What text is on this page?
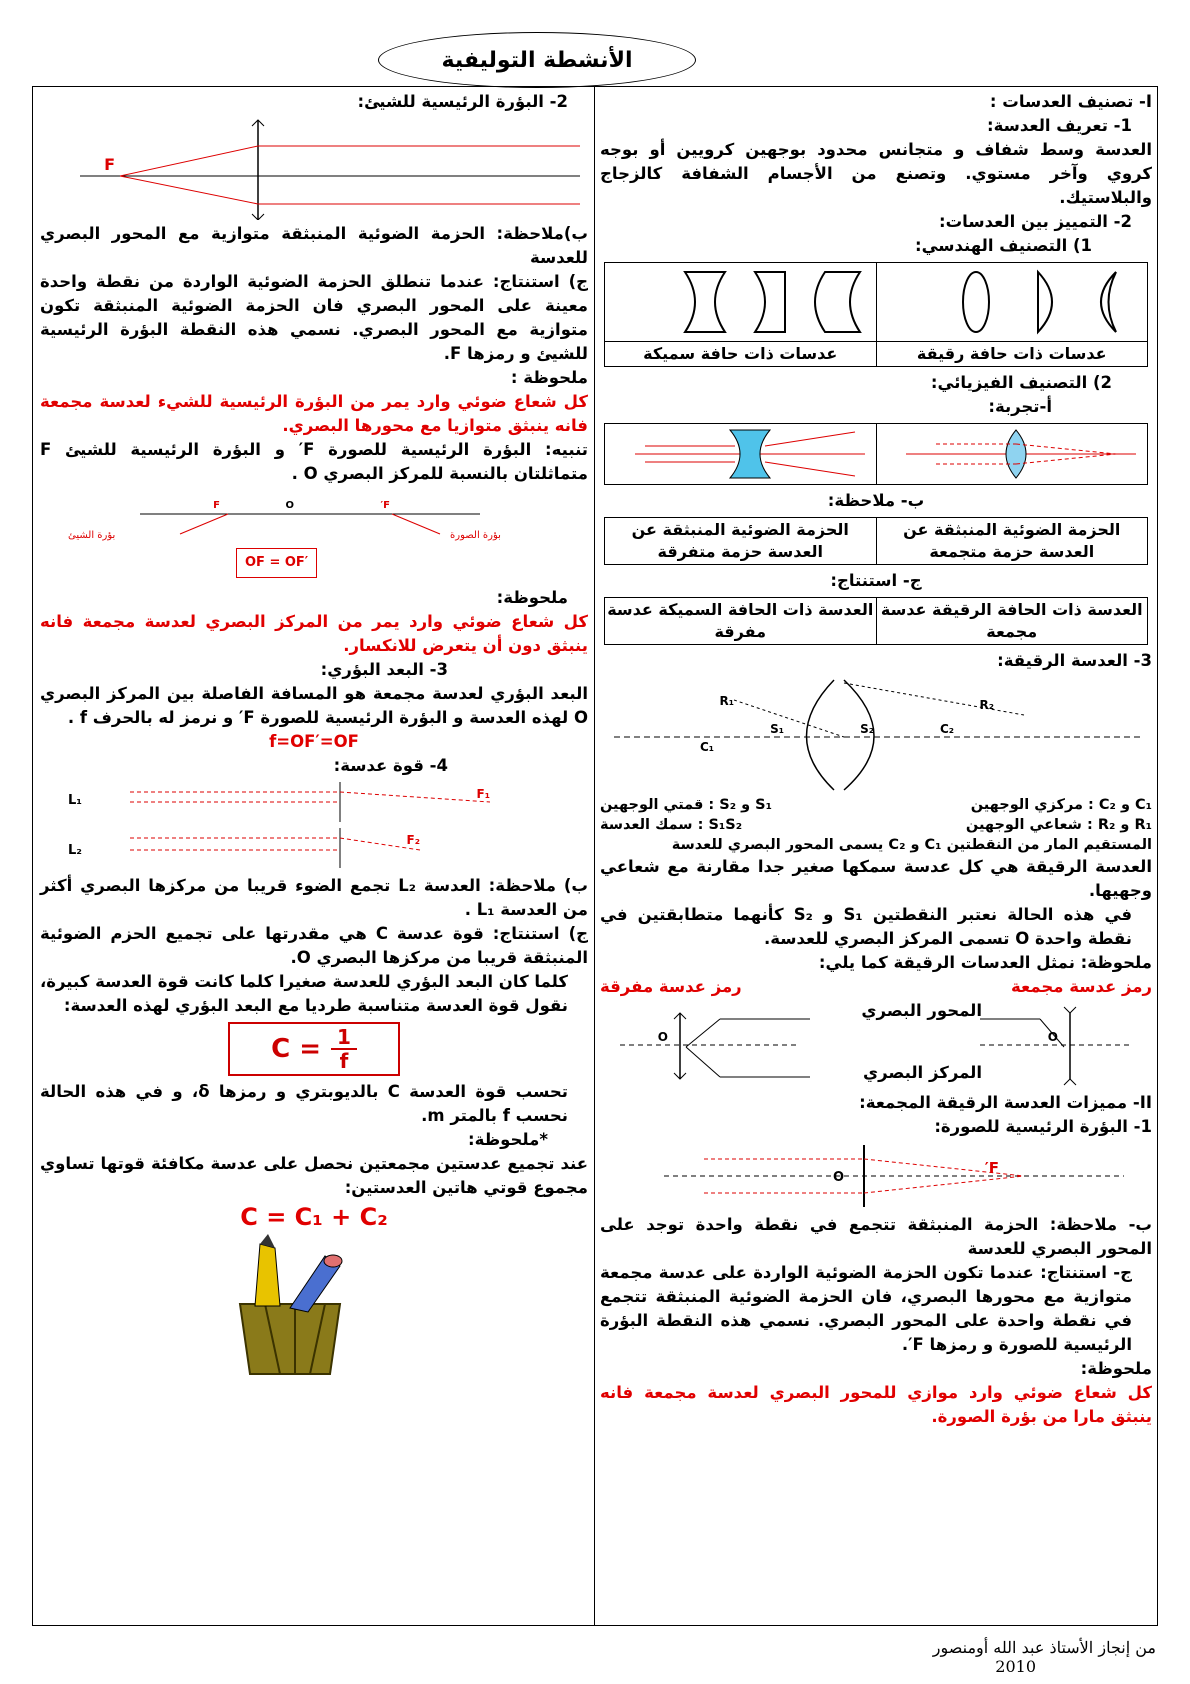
الأنشطة التوليفية

I- تصنيف العدسات :

1- تعريف العدسة:

العدسة وسط شفاف و متجانس محدود بوجهين كرويين أو بوجه كروي وآخر مستوي. وتصنع من الأجسام الشفافة كالزجاج والبلاستيك.

2- التمييز بين العدسات:

1) التصنيف الهندسي:

عدسات ذات حافة رقيقة	عدسات ذات حافة سميكة

2) التصنيف الفيزيائي:

أ-تجربة:

ب- ملاحظة:

الحزمة الضوئية المنبثقة عن العدسة حزمة متجمعة	الحزمة الضوئية المنبثقة عن العدسة حزمة متفرقة

ج- استنتاج:

العدسة ذات الحافة الرقيقة عدسة مجمعة	العدسة ذات الحافة السميكة عدسة مفرقة

3- العدسة الرقيقة:

R₁	R₂
C₁
C₂
S₁	S₂
C₁ و C₂ : مركزي الوجهين
S₁ و S₂ : قمتي الوجهين
R₁ و R₂ : شعاعي الوجهين
S₁S₂ : سمك العدسة

المستقيم المار من النقطتين C₁ و C₂ يسمى المحور البصري للعدسة

العدسة الرقيقة هي كل عدسة سمكها صغير جدا مقارنة مع شعاعي وجهيها.

في هذه الحالة نعتبر النقطتين S₁ و S₂ كأنهما متطابقتين في نقطة واحدة O تسمى المركز البصري للعدسة.

ملحوظة: نمثل العدسات الرقيقة كما يلي:

رمز عدسة مجمعة
رمز عدسة مفرقة
المحور البصري
المركز البصري
O	O

II- مميزات العدسة الرقيقة المجمعة:

1- البؤرة الرئيسية للصورة:

O
F′

ب- ملاحظة: الحزمة المنبثقة تتجمع في نقطة واحدة توجد على المحور البصري للعدسة

ج- استنتاج: عندما تكون الحزمة الضوئية الواردة على عدسة مجمعة متوازية مع محورها البصري، فان الحزمة الضوئية المنبثقة تتجمع في نقطة واحدة على المحور البصري. نسمي هذه النقطة البؤرة الرئيسية للصورة و رمزها F′.

ملحوظة:

كل شعاع ضوئي وارد موازي للمحور البصري لعدسة مجمعة فانه ينبثق مارا من بؤرة الصورة.

2- البؤرة الرئيسية للشيئ:

F

ب)ملاحظة: الحزمة الضوئية المنبثقة متوازية مع المحور البصري للعدسة

ج) استنتاج: عندما تنطلق الحزمة الضوئية الواردة من نقطة واحدة معينة على المحور البصري فان الحزمة الضوئية المنبثقة تكون متوازية مع المحور البصري. نسمي هذه النقطة البؤرة الرئيسية للشيئ و رمزها F.

ملحوظة :

كل شعاع ضوئي وارد يمر من البؤرة الرئيسية للشيء لعدسة مجمعة فانه ينبثق متوازيا مع محورها البصري.

تنبيه: البؤرة الرئيسية للصورة F′ و البؤرة الرئيسية للشيئ F متماثلتان بالنسبة للمركز البصري O .

F	O	F′
بؤرة الشيئ	بؤرة الصورة
OF = OF′

ملحوظة:

كل شعاع ضوئي وارد يمر من المركز البصري لعدسة مجمعة فانه ينبثق دون أن يتعرض للانكسار.

3- البعد البؤري:

البعد البؤري لعدسة مجمعة هو المسافة الفاصلة بين المركز البصري O لهذه العدسة و البؤرة الرئيسية للصورة F′ و نرمز له بالحرف f .

f=OF′=OF

4- قوة عدسة:

L₁
L₂
F₁
F₂

ب) ملاحظة: العدسة L₂ تجمع الضوء قريبا من مركزها البصري أكثر من العدسة L₁ .

ج) استنتاج: قوة عدسة C هي مقدرتها على تجميع الحزم الضوئية المنبثقة قريبا من مركزها البصري O.

كلما كان البعد البؤري للعدسة صغيرا كلما كانت قوة العدسة كبيرة، نقول قوة العدسة متناسبة طرديا مع البعد البؤري لهذه العدسة:

$C = \frac{1}{f}$

تحسب قوة العدسة C بالديوبتري و رمزها δ، و في هذه الحالة نحسب f بالمتر m.

*ملحوظة:

عند تجميع عدستين مجمعتين نحصل على عدسة مكافئة قوتها تساوي مجموع قوتي هاتين العدستين:

C = C₁ + C₂

من إنجاز الأستاذ عبد الله أومنصور
2010
